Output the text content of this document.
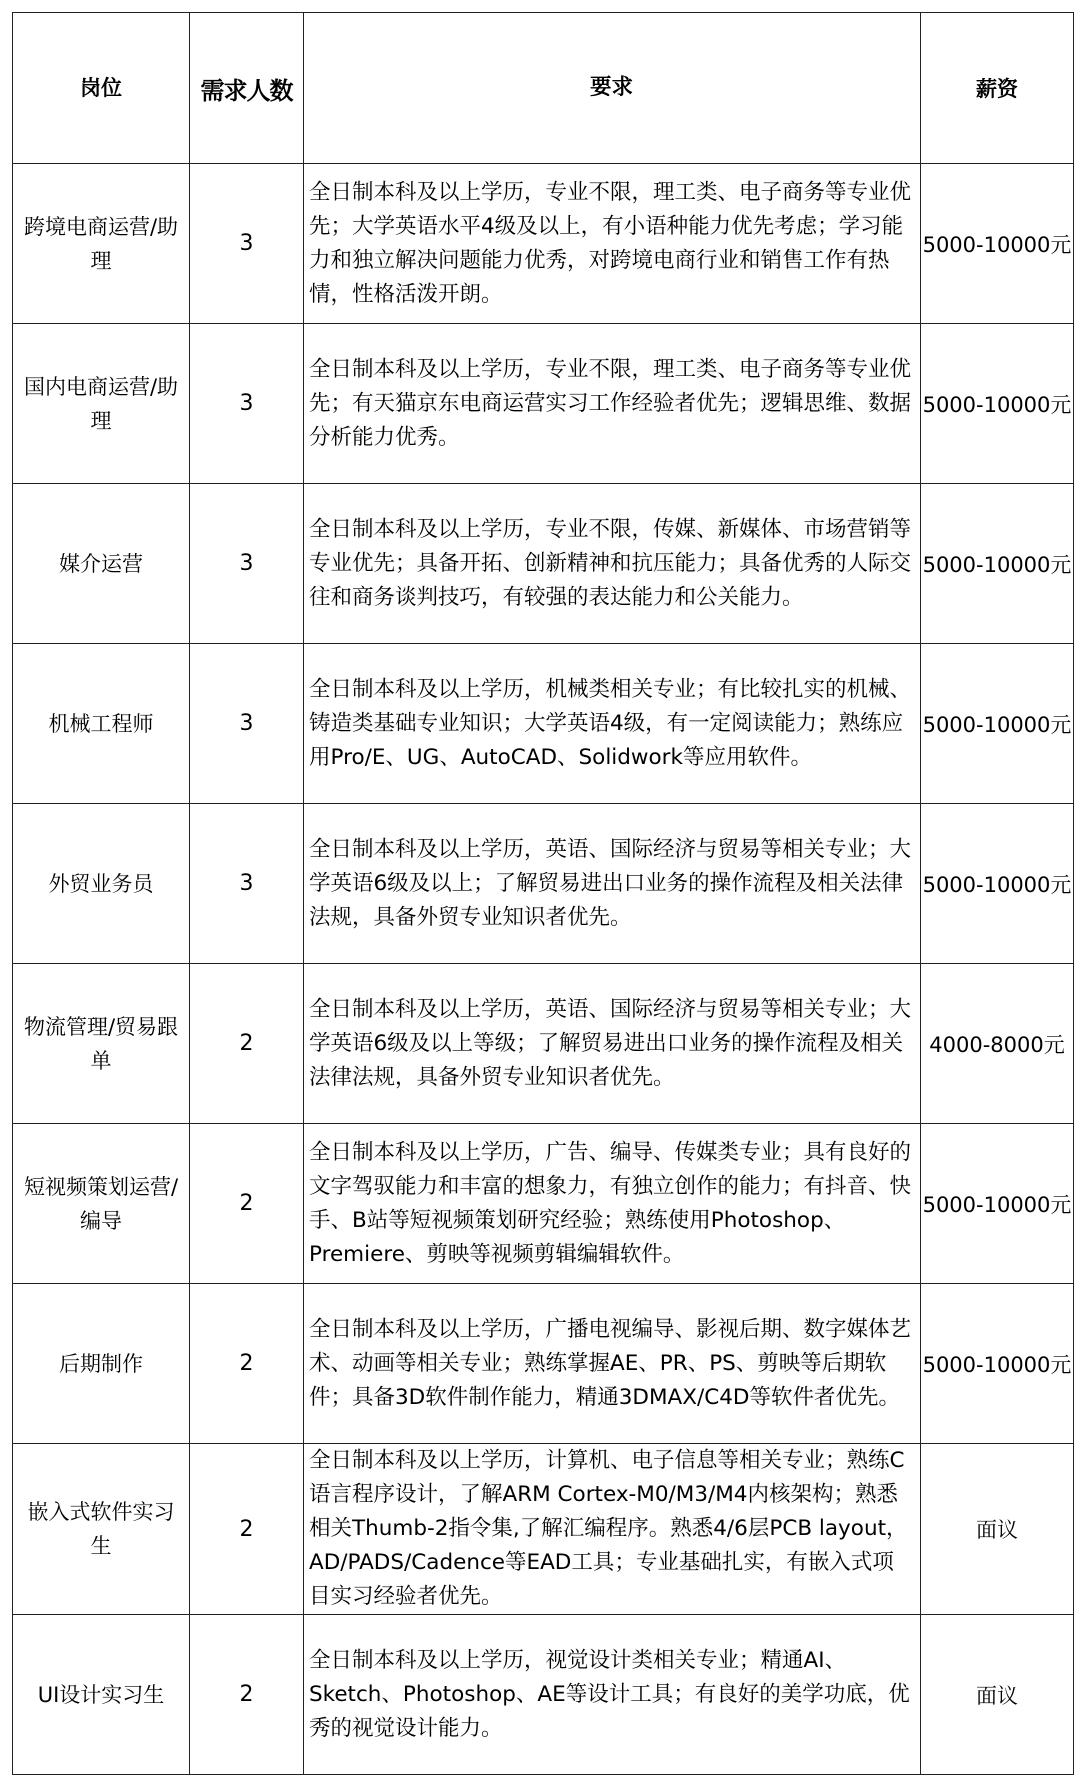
岗位	需求人数	要求	薪资
跨境电商运营/助理	3	全日制本科及以上学历，专业不限，理工类、电子商务等专业优先；大学英语水平4级及以上，有小语种能力优先考虑；学习能力和独立解决问题能力优秀，对跨境电商行业和销售工作有热情，性格活泼开朗。	5000-10000元
国内电商运营/助理	3	全日制本科及以上学历，专业不限，理工类、电子商务等专业优先；有天猫京东电商运营实习工作经验者优先；逻辑思维、数据分析能力优秀。	5000-10000元
媒介运营	3	全日制本科及以上学历，专业不限，传媒、新媒体、市场营销等专业优先；具备开拓、创新精神和抗压能力；具备优秀的人际交往和商务谈判技巧，有较强的表达能力和公关能力。	5000-10000元
机械工程师	3	全日制本科及以上学历，机械类相关专业；有比较扎实的机械、铸造类基础专业知识；大学英语4级，有一定阅读能力；熟练应用Pro/E、UG、AutoCAD、Solidwork等应用软件。	5000-10000元
外贸业务员	3	全日制本科及以上学历，英语、国际经济与贸易等相关专业；大学英语6级及以上；了解贸易进出口业务的操作流程及相关法律法规，具备外贸专业知识者优先。	5000-10000元
物流管理/贸易跟单	2	全日制本科及以上学历，英语、国际经济与贸易等相关专业；大学英语6级及以上等级；了解贸易进出口业务的操作流程及相关法律法规，具备外贸专业知识者优先。	4000-8000元
短视频策划运营/编导	2	全日制本科及以上学历，广告、编导、传媒类专业；具有良好的文字驾驭能力和丰富的想象力，有独立创作的能力；有抖音、快手、B站等短视频策划研究经验；熟练使用Photoshop、Premiere、剪映等视频剪辑编辑软件。	5000-10000元
后期制作	2	全日制本科及以上学历，广播电视编导、影视后期、数字媒体艺术、动画等相关专业；熟练掌握AE、PR、PS、剪映等后期软件；具备3D软件制作能力，精通3DMAX/C4D等软件者优先。	5000-10000元
嵌入式软件实习生	2	全日制本科及以上学历，计算机、电子信息等相关专业；熟练C语言程序设计，了解ARM Cortex-M0/M3/M4内核架构；熟悉相关Thumb-2指令集,了解汇编程序。熟悉4/6层PCB layout，AD/PADS/Cadence等EAD工具；专业基础扎实，有嵌入式项目实习经验者优先。	面议
UI设计实习生	2	全日制本科及以上学历，视觉设计类相关专业；精通AI、Sketch、Photoshop、AE等设计工具；有良好的美学功底，优秀的视觉设计能力。	面议
